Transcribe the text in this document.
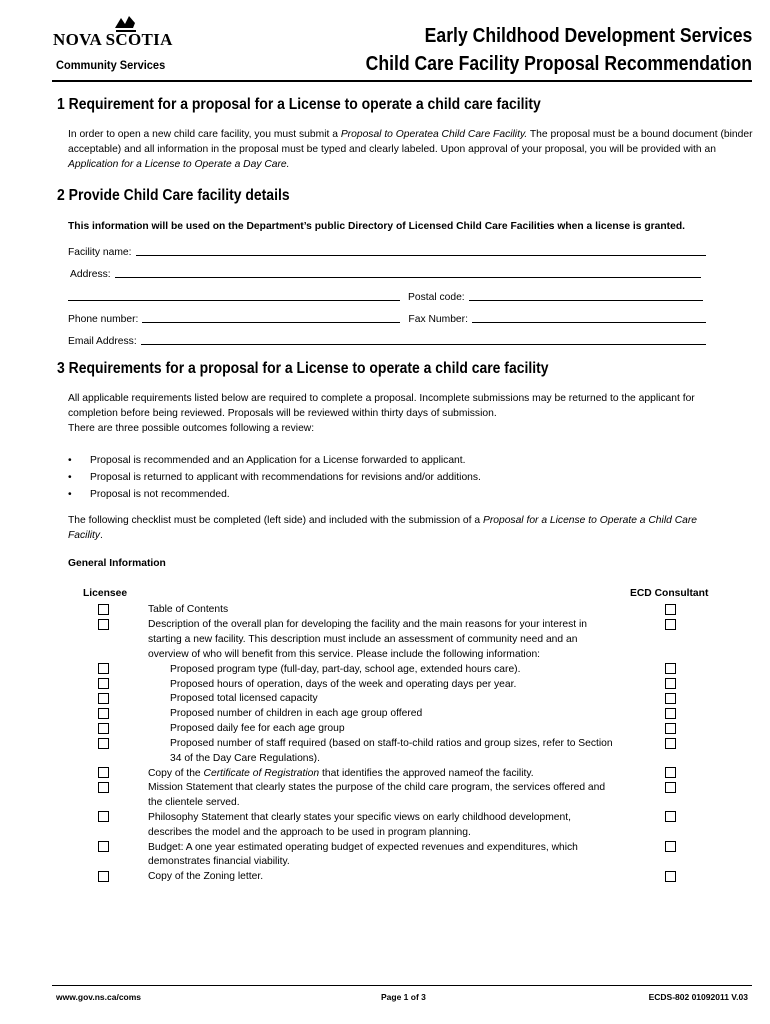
NOVA SCOTIA
Community Services
Early Childhood Development Services
Child Care Facility Proposal Recommendation
1 Requirement for a proposal for a License to operate a child care facility
In order to open a new child care facility, you must submit a Proposal to Operatea Child Care Facility. The proposal must be a bound document (binder acceptable) and all information in the proposal must be typed and clearly labeled. Upon approval of your proposal, you will be provided with an Application for a License to Operate a Day Care.
2 Provide Child Care facility details
This information will be used on the Department’s public Directory of Licensed Child Care Facilities when a license is granted.
Facility name:
Address:
Postal code:
Phone number:	Fax Number:
Email Address:
3 Requirements for a proposal for a License to operate a child care facility
All applicable requirements listed below are required to complete a proposal. Incomplete submissions may be returned to the applicant for completion before being reviewed. Proposals will be reviewed within thirty days of submission.
There are three possible outcomes following a review:
• Proposal is recommended and an Application for a License forwarded to applicant.
• Proposal is returned to applicant with recommendations for revisions and/or additions.
• Proposal is not recommended.
The following checklist must be completed (left side) and included with the submission of a Proposal for a License to Operate a Child Care Facility.
General Information
Licensee	ECD Consultant
Table of Contents
Description of the overall plan for developing the facility and the main reasons for your interest in
starting a new facility. This description must include an assessment of community need and an
overview of who will benefit from this service. Please include the following information:
Proposed program type (full-day, part-day, school age, extended hours care).
Proposed hours of operation, days of the week and operating days per year.
Proposed total licensed capacity
Proposed number of children in each age group offered
Proposed daily fee for each age group
Proposed number of staff required (based on staff-to-child ratios and group sizes, refer to Section
34 of the Day Care Regulations).
Copy of the Certificate of Registration that identifies the approved nameof the facility.
Mission Statement that clearly states the purpose of the child care program, the services offered and
the clientele served.
Philosophy Statement that clearly states your specific views on early childhood development,
describes the model and the approach to be used in program planning.
Budget: A one year estimated operating budget of expected revenues and expenditures, which
demonstrates financial viability.
Copy of the Zoning letter.
www.gov.ns.ca/coms	Page 1 of 3	ECDS-802 01092011 V.03
